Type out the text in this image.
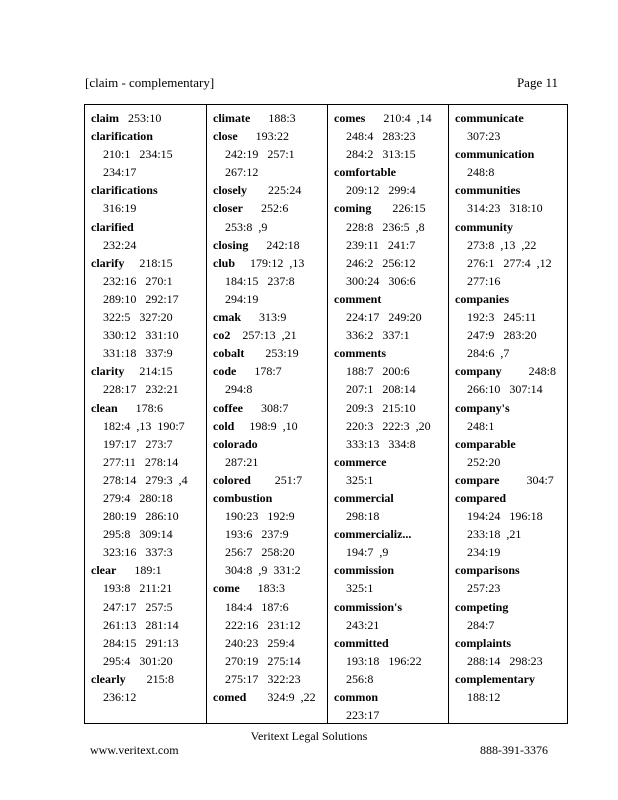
[claim - complementary]	Page 11
claim   253:10
clarification
210:1   234:15
234:17
clarifications
316:19
clarified
232:24
clarify     218:15
232:16   270:1
289:10   292:17
322:5   327:20
330:12   331:10
331:18   337:9
clarity     214:15
228:17   232:21
clean      178:6
182:4  ,13  190:7
197:17   273:7
277:11   278:14
278:14   279:3  ,4
279:4   280:18
280:19   286:10
295:8   309:14
323:16   337:3
clear      189:1
193:8   211:21
247:17   257:5
261:13   281:14
284:15   291:13
295:4   301:20
clearly       215:8
236:12
climate      188:3
close      193:22
242:19   257:1
267:12
closely       225:24
closer      252:6
253:8  ,9
closing      242:18
club     179:12  ,13
184:15   237:8
294:19
cmak      313:9
co2    257:13  ,21
cobalt       253:19
code      178:7
294:8
coffee      308:7
cold     198:9  ,10
colorado
287:21
colored        251:7
combustion
190:23   192:9
193:6   237:9
256:7   258:20
304:8  ,9  331:2
come      183:3
184:4   187:6
222:16   231:12
240:23   259:4
270:19   275:14
275:17   322:23
comed       324:9  ,22
comes      210:4  ,14
248:4   283:23
284:2   313:15
comfortable
209:12   299:4
coming       226:15
228:8   236:5  ,8
239:11   241:7
246:2   256:12
300:24   306:6
comment
224:17   249:20
336:2   337:1
comments
188:7   200:6
207:1   208:14
209:3   215:10
220:3   222:3  ,20
333:13   334:8
commerce
325:1
commercial
298:18
commercializ...
194:7  ,9
commission
325:1
commission's
243:21
committed
193:18   196:22
256:8
common
223:17
communicate
307:23
communication
248:8
communities
314:23   318:10
community
273:8  ,13  ,22
276:1   277:4  ,12
277:16
companies
192:3   245:11
247:9   283:20
284:6  ,7
company         248:8
266:10   307:14
company's
248:1
comparable
252:20
compare         304:7
compared
194:24   196:18
233:18  ,21
234:19
comparisons
257:23
competing
284:7
complaints
288:14   298:23
complementary
188:12
Veritext Legal Solutions
www.veritext.com	888-391-3376
